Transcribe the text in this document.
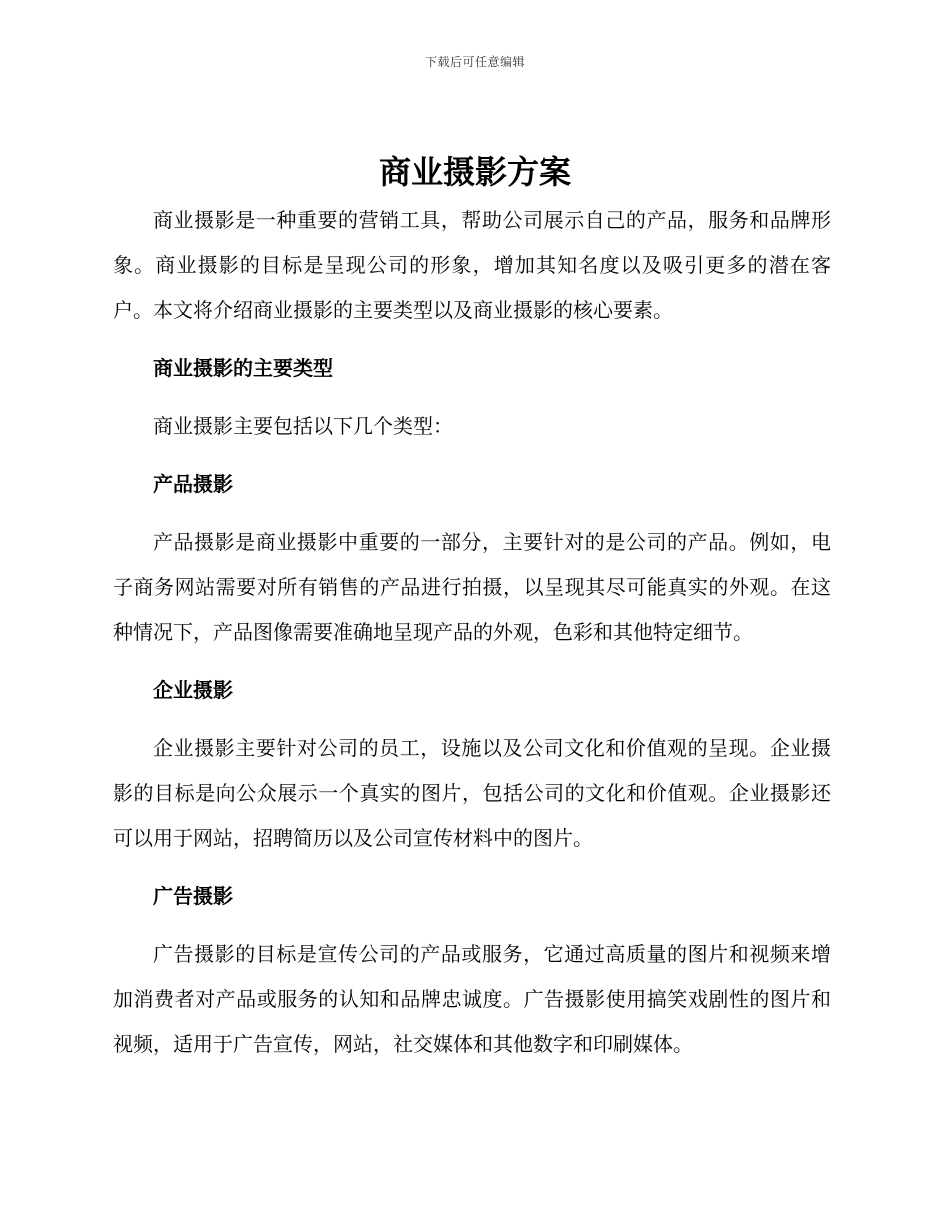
下载后可任意编辑
商业摄影方案

商业摄影是一种重要的营销工具，帮助公司展示自己的产品，服务和品牌形象。商业摄影的目标是呈现公司的形象，增加其知名度以及吸引更多的潜在客户。本文将介绍商业摄影的主要类型以及商业摄影的核心要素。

商业摄影的主要类型

商业摄影主要包括以下几个类型：

产品摄影

产品摄影是商业摄影中重要的一部分，主要针对的是公司的产品。例如，电子商务网站需要对所有销售的产品进行拍摄，以呈现其尽可能真实的外观。在这种情况下，产品图像需要准确地呈现产品的外观，色彩和其他特定细节。

企业摄影

企业摄影主要针对公司的员工，设施以及公司文化和价值观的呈现。企业摄影的目标是向公众展示一个真实的图片，包括公司的文化和价值观。企业摄影还可以用于网站，招聘简历以及公司宣传材料中的图片。

广告摄影

广告摄影的目标是宣传公司的产品或服务，它通过高质量的图片和视频来增加消费者对产品或服务的认知和品牌忠诚度。广告摄影使用搞笑戏剧性的图片和视频，适用于广告宣传，网站，社交媒体和其他数字和印刷媒体。
